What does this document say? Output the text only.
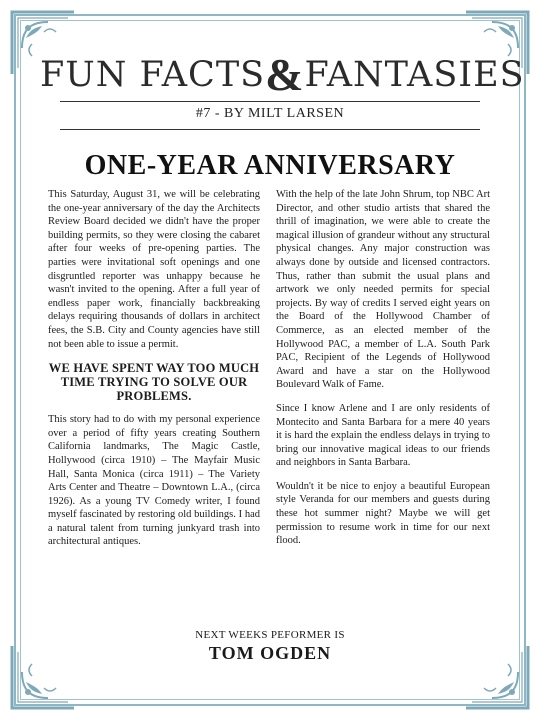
FUN FACTS&FANTASIES
#7 - BY MILT LARSEN
ONE-YEAR ANNIVERSARY

This Saturday, August 31, we will be celebrating the one-year anniversary of the day the Architects Review Board decided we didn't have the proper building permits, so they were closing the cabaret after four weeks of pre-opening parties. The parties were invitational soft openings and one disgruntled reporter was unhappy because he wasn't invited to the opening. After a full year of endless paper work, financially backbreaking delays requiring thousands of dollars in architect fees, the S.B. City and County agencies have still not been able to issue a permit.

WE HAVE SPENT WAY TOO MUCH TIME TRYING TO SOLVE OUR PROBLEMS.

This story had to do with my personal experience over a period of fifty years creating Southern California landmarks, The Magic Castle, Hollywood (circa 1910) – The Mayfair Music Hall, Santa Monica (circa 1911) – The Variety Arts Center and Theatre – Downtown L.A., (circa 1926). As a young TV Comedy writer, I found myself fascinated by restoring old buildings. I had a natural talent from turning junkyard trash into architectural antiques.

With the help of the late John Shrum, top NBC Art Director, and other studio artists that shared the thrill of imagination, we were able to create the magical illusion of grandeur without any structural physical changes. Any major construction was always done by outside and licensed contractors. Thus, rather than submit the usual plans and artwork we only needed permits for special projects. By way of credits I served eight years on the Board of the Hollywood Chamber of Commerce, as an elected member of the Hollywood PAC, a member of L.A. South Park PAC, Recipient of the Legends of Hollywood Award and have a star on the Hollywood Boulevard Walk of Fame.

Since I know Arlene and I are only residents of Montecito and Santa Barbara for a mere 40 years it is hard the explain the endless delays in trying to bring our innovative magical ideas to our friends and neighbors in Santa Barbara.

Wouldn't it be nice to enjoy a beautiful European style Veranda for our members and guests during these hot summer night? Maybe we will get permission to resume work in time for our next flood.

NEXT WEEKS PEFORMER IS
TOM OGDEN
